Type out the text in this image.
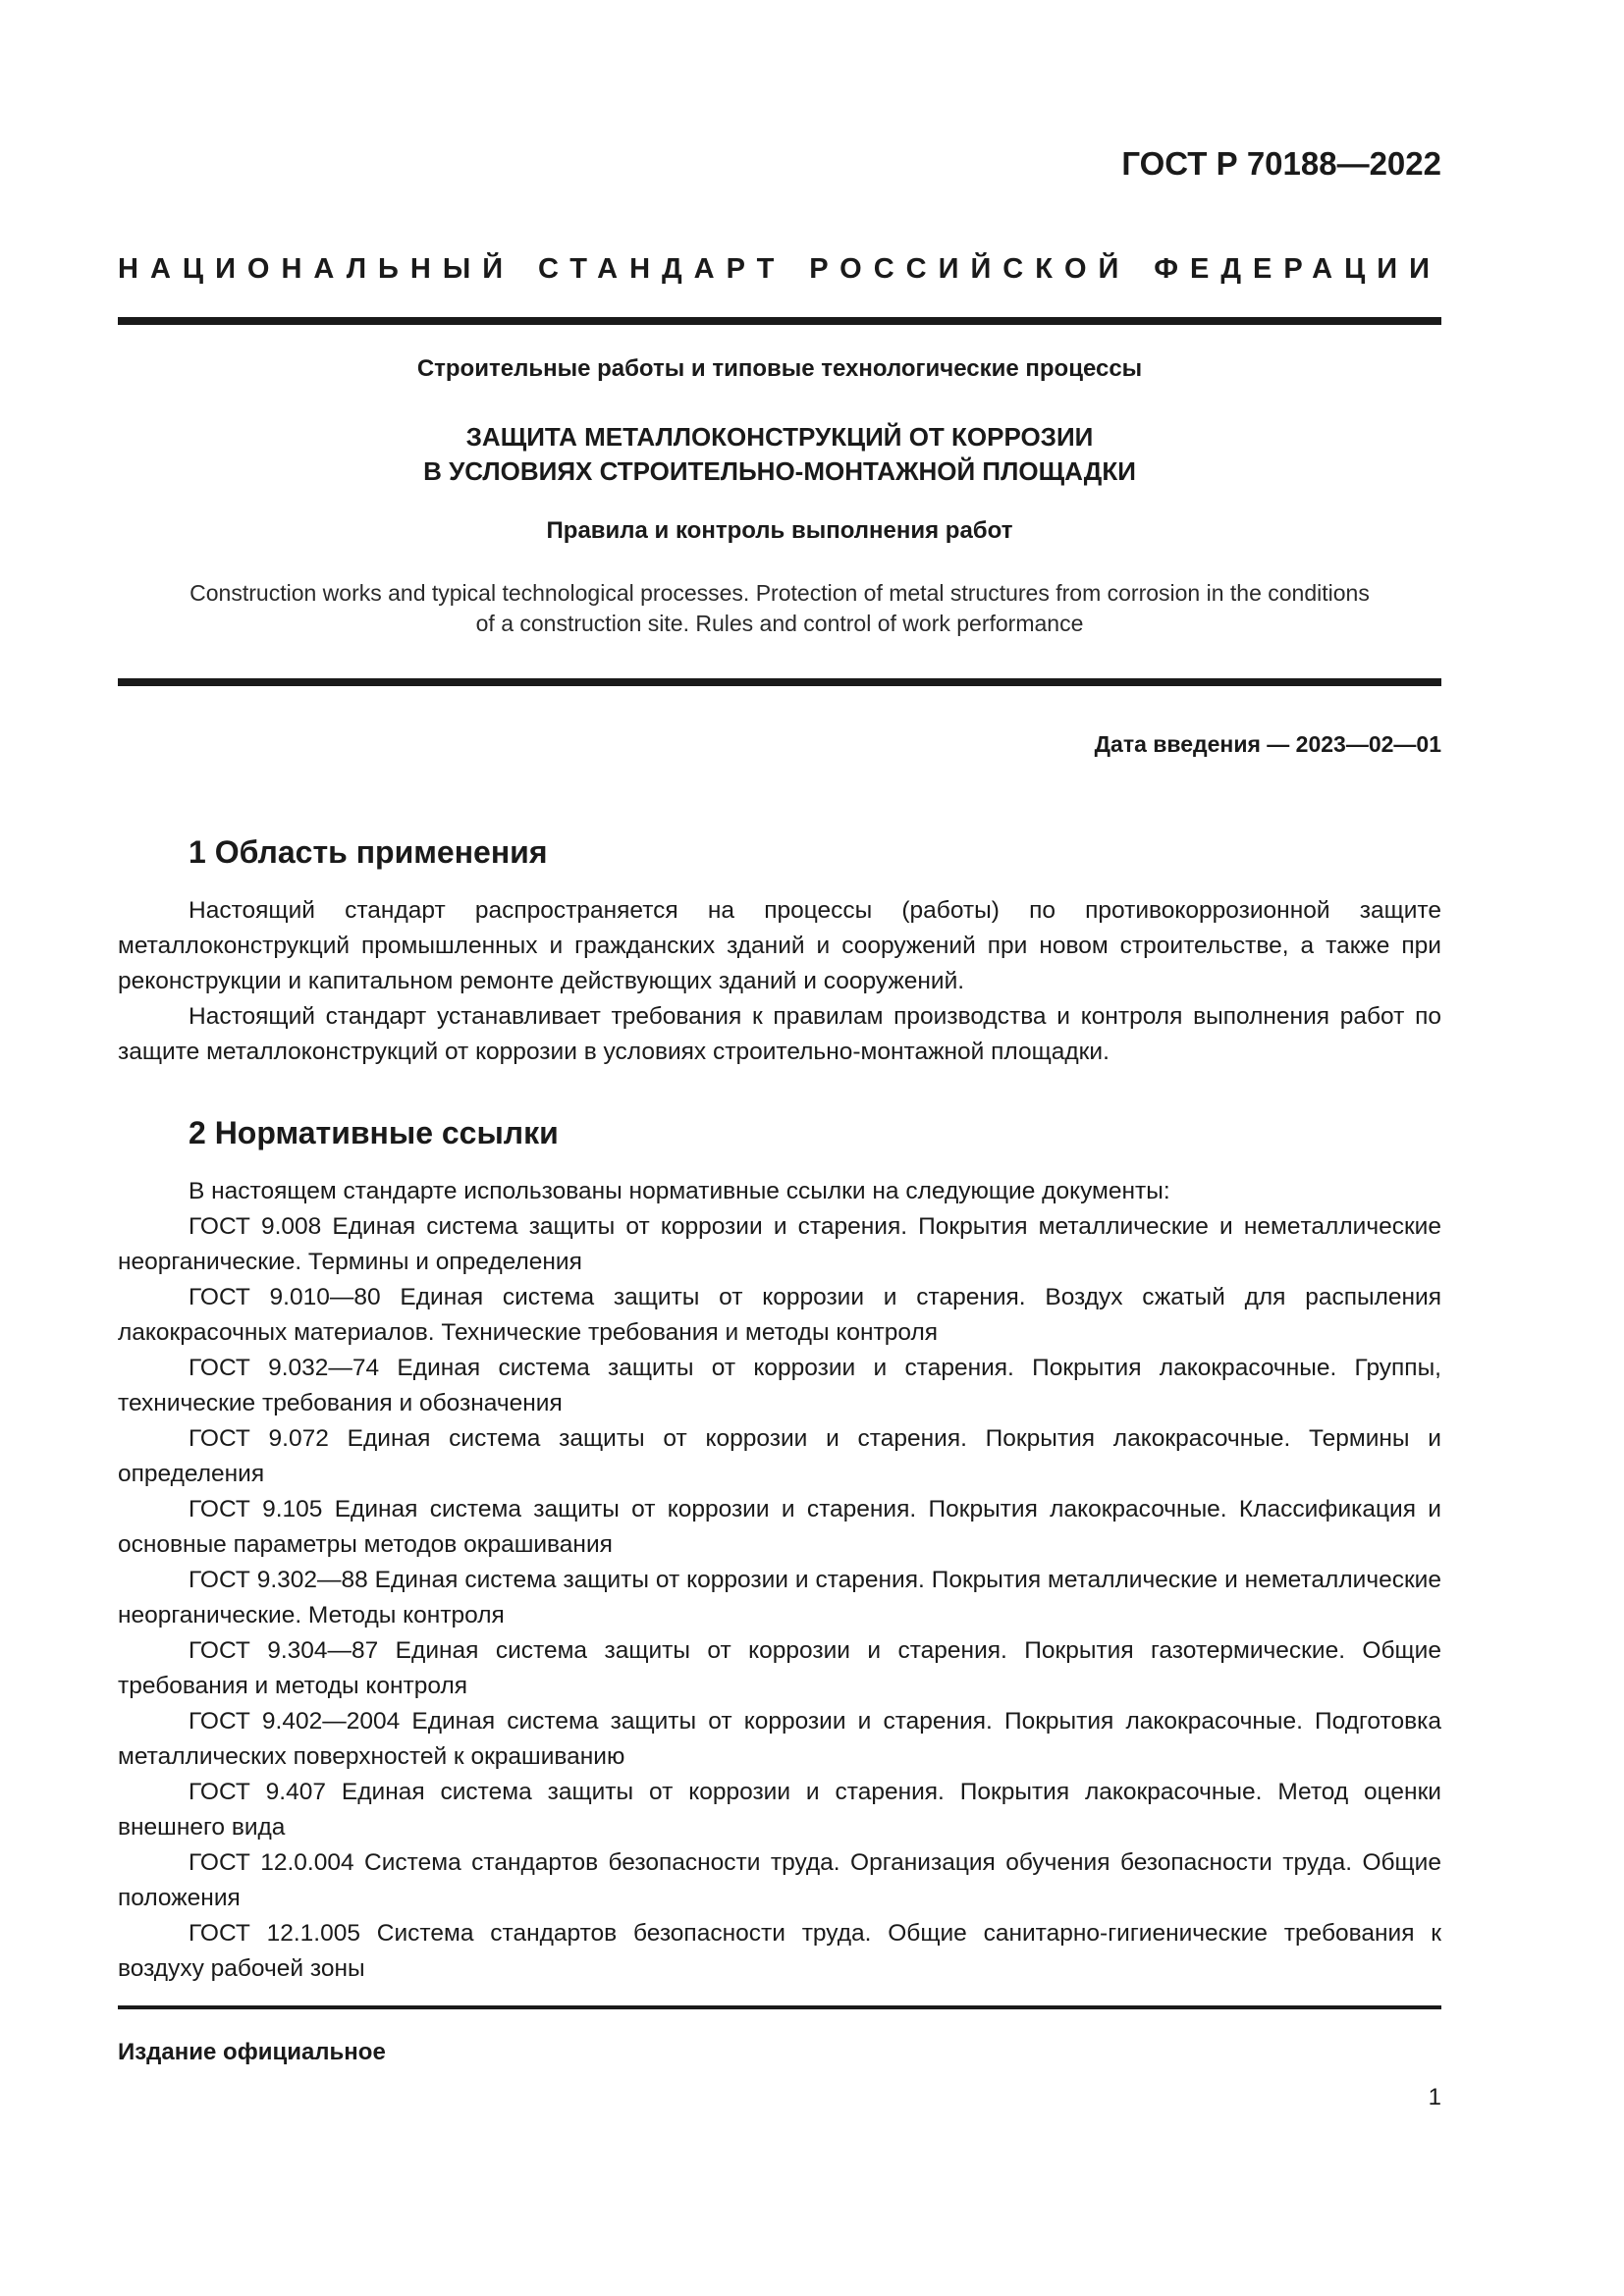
ГОСТ Р 70188—2022
НАЦИОНАЛЬНЫЙ СТАНДАРТ РОССИЙСКОЙ ФЕДЕРАЦИИ
Строительные работы и типовые технологические процессы
ЗАЩИТА МЕТАЛЛОКОНСТРУКЦИЙ ОТ КОРРОЗИИ
В УСЛОВИЯХ СТРОИТЕЛЬНО-МОНТАЖНОЙ ПЛОЩАДКИ
Правила и контроль выполнения работ
Construction works and typical technological processes. Protection of metal structures from corrosion in the conditions
of a construction site. Rules and control of work performance
Дата введения — 2023—02—01
1 Область применения

Настоящий стандарт распространяется на процессы (работы) по противокоррозионной защите металлоконструкций промышленных и гражданских зданий и сооружений при новом строительстве, а также при реконструкции и капитальном ремонте действующих зданий и сооружений.

Настоящий стандарт устанавливает требования к правилам производства и контроля выполнения работ по защите металлоконструкций от коррозии в условиях строительно-монтажной площадки.

2 Нормативные ссылки

В настоящем стандарте использованы нормативные ссылки на следующие документы:

ГОСТ 9.008 Единая система защиты от коррозии и старения. Покрытия металлические и немeталлические неорганические. Термины и определения

ГОСТ 9.010—80 Единая система защиты от коррозии и старения. Воздух сжатый для распыления лакокрасочных материалов. Технические требования и методы контроля

ГОСТ 9.032—74 Единая система защиты от коррозии и старения. Покрытия лакокрасочные. Группы, технические требования и обозначения

ГОСТ 9.072 Единая система защиты от коррозии и старения. Покрытия лакокрасочные. Термины и определения

ГОСТ 9.105 Единая система защиты от коррозии и старения. Покрытия лакокрасочные. Классификация и основные параметры методов окрашивания

ГОСТ 9.302—88 Единая система защиты от коррозии и старения. Покрытия металлические и неметаллические неорганические. Методы контроля

ГОСТ 9.304—87 Единая система защиты от коррозии и старения. Покрытия газотермические. Общие требования и методы контроля

ГОСТ 9.402—2004 Единая система защиты от коррозии и старения. Покрытия лакокрасочные. Подготовка металлических поверхностей к окрашиванию

ГОСТ 9.407 Единая система защиты от коррозии и старения. Покрытия лакокрасочные. Метод оценки внешнего вида

ГОСТ 12.0.004 Система стандартов безопасности труда. Организация обучения безопасности труда. Общие положения

ГОСТ 12.1.005 Система стандартов безопасности труда. Общие санитарно-гигиенические требования к воздуху рабочей зоны

Издание официальное
1
